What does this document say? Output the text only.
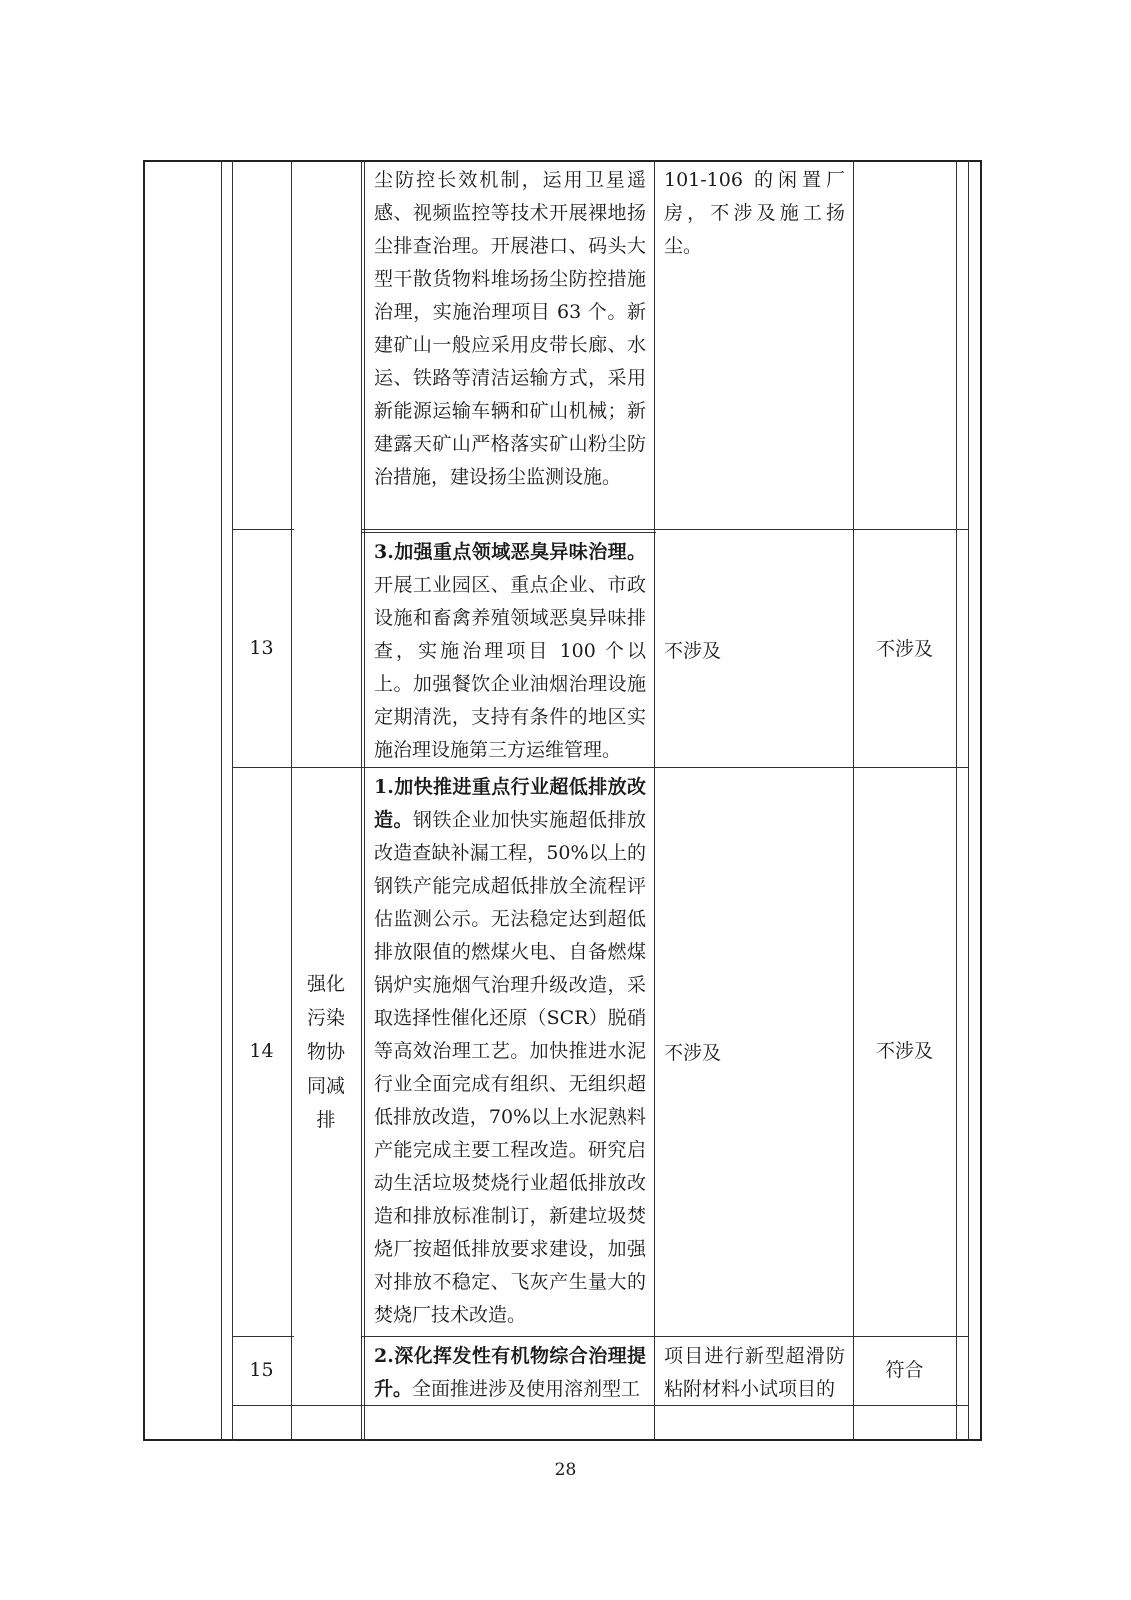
尘防控长效机制，运用卫星遥感、视频监控等技术开展裸地扬尘排查治理。开展港口、码头大型干散货物料堆场扬尘防控措施治理，实施治理项目 63 个。新建矿山一般应采用皮带长廊、水运、铁路等清洁运输方式，采用新能源运输车辆和矿山机械；新建露天矿山严格落实矿山粉尘防治措施，建设扬尘监测设施。
101-106 的闲置厂房，不涉及施工扬尘。
13
3.加强重点领域恶臭异味治理。开展工业园区、重点企业、市政设施和畜禽养殖领域恶臭异味排查，实施治理项目 100 个以上。加强餐饮企业油烟治理设施定期清洗，支持有条件的地区实施治理设施第三方运维管理。
不涉及	不涉及
14
强化污染物协同减排
1.加快推进重点行业超低排放改造。钢铁企业加快实施超低排放改造查缺补漏工程，50%以上的钢铁产能完成超低排放全流程评估监测公示。无法稳定达到超低排放限值的燃煤火电、自备燃煤锅炉实施烟气治理升级改造，采取选择性催化还原（SCR）脱硝等高效治理工艺。加快推进水泥行业全面完成有组织、无组织超低排放改造，70%以上水泥熟料产能完成主要工程改造。研究启动生活垃圾焚烧行业超低排放改造和排放标准制订，新建垃圾焚烧厂按超低排放要求建设，加强对排放不稳定、飞灰产生量大的焚烧厂技术改造。
不涉及	不涉及
15
2.深化挥发性有机物综合治理提升。全面推进涉及使用溶剂型工
项目进行新型超滑防粘附材料小试项目的
符合
28
